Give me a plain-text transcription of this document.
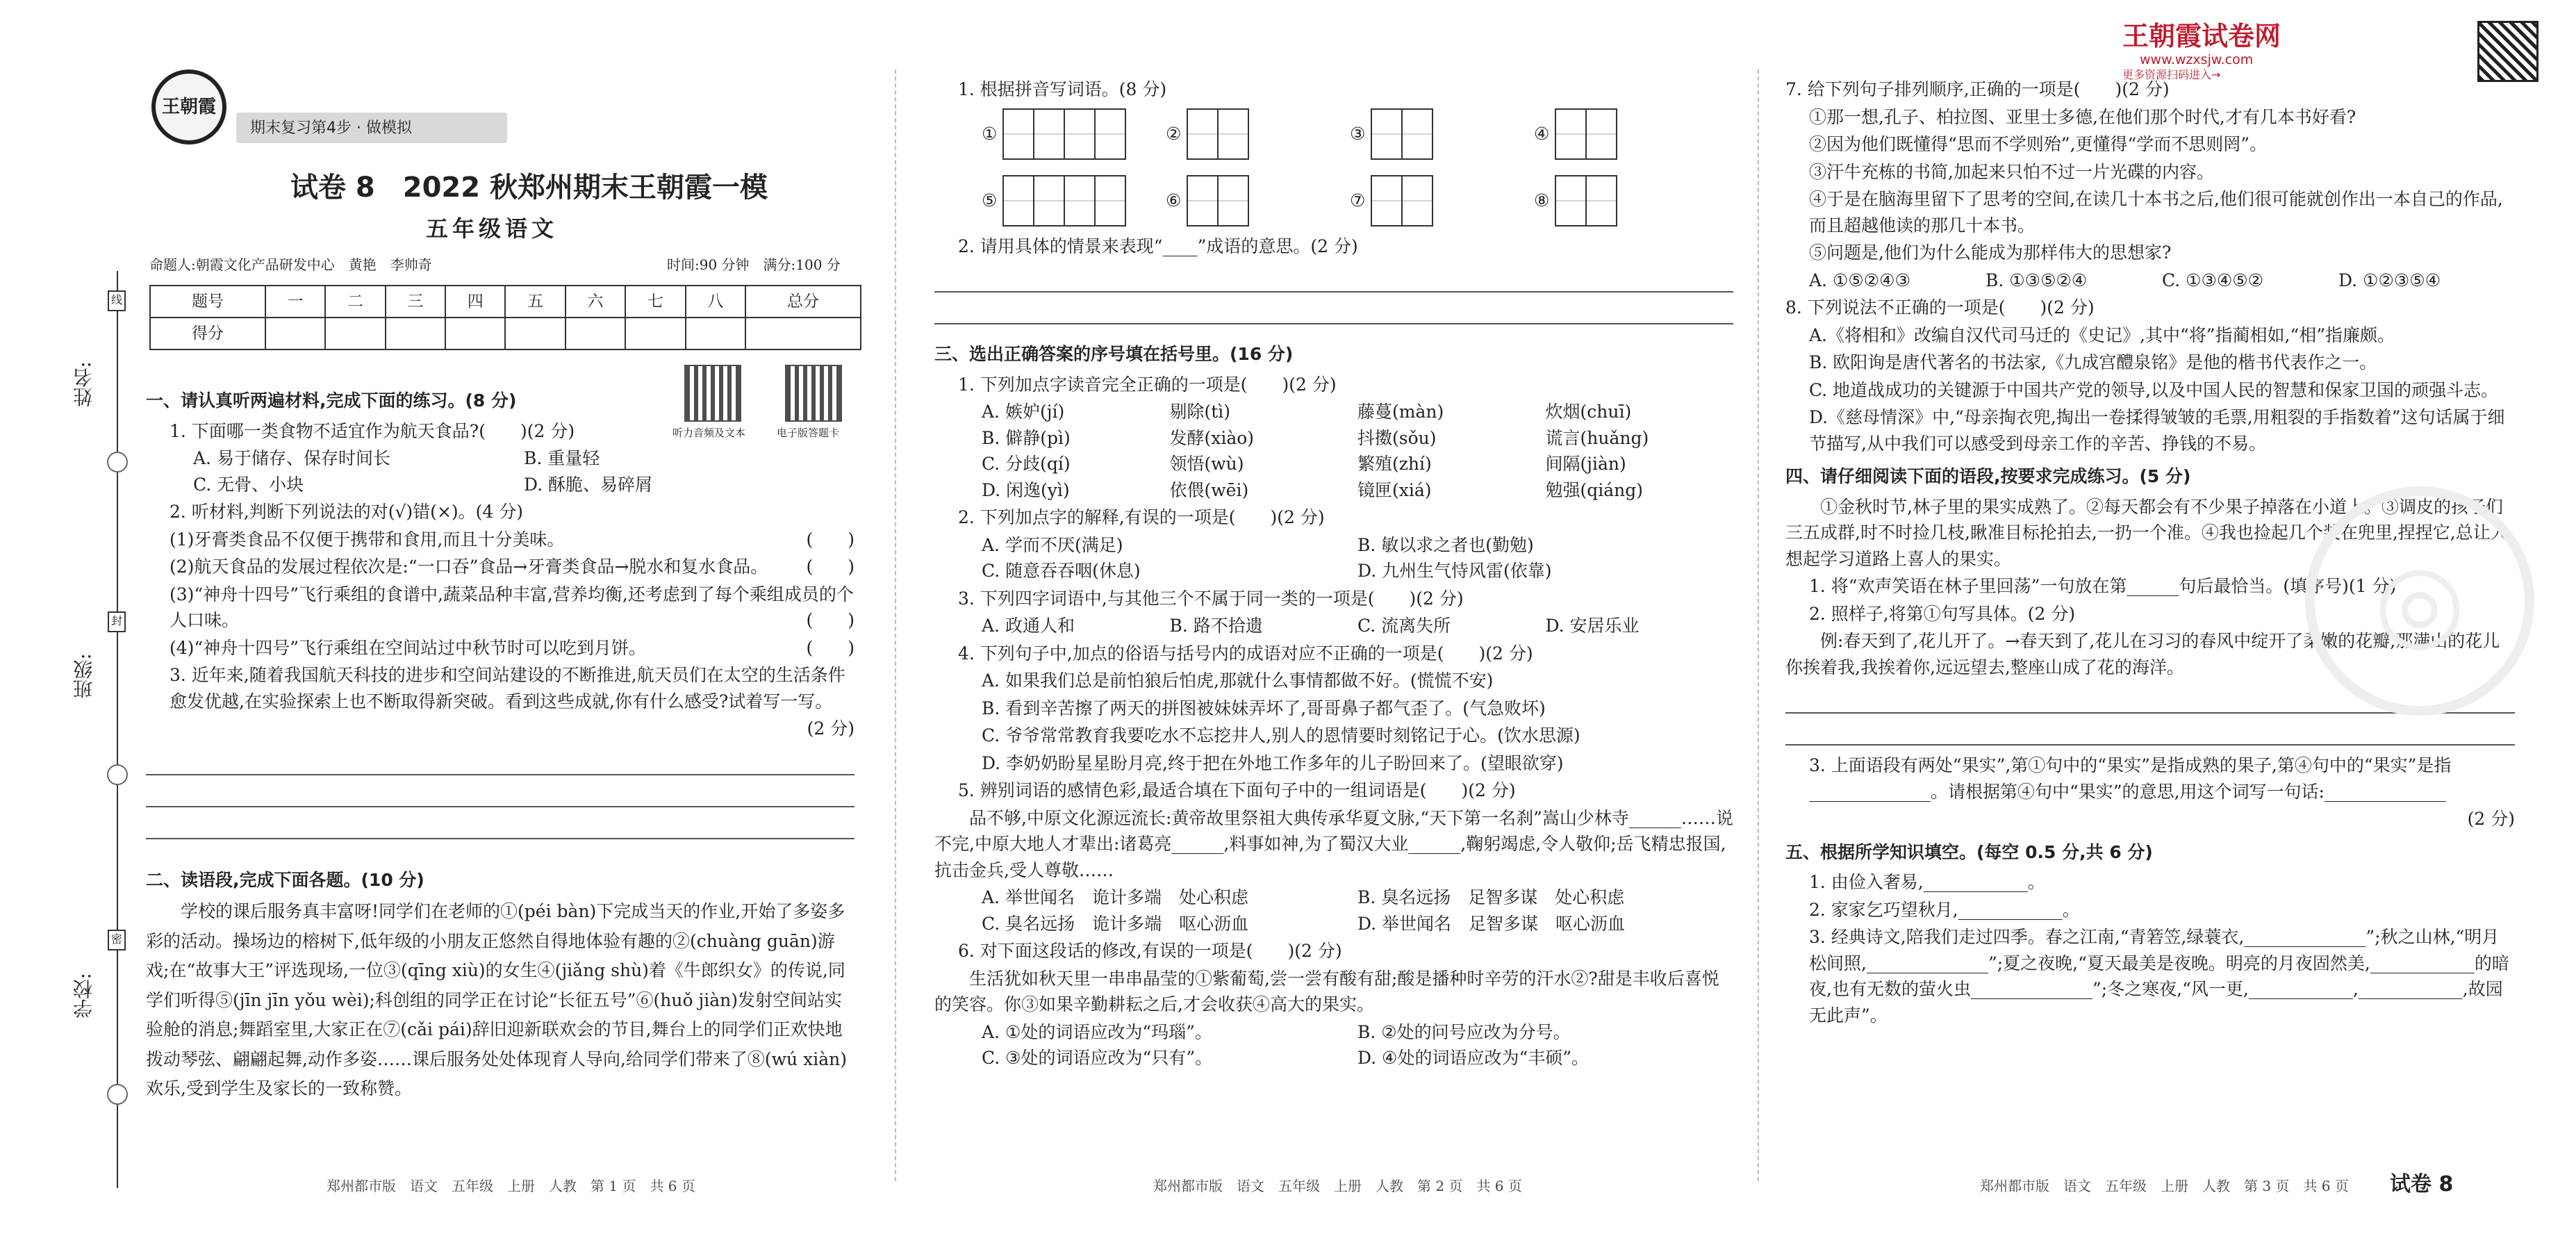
王朝霞试卷网
www.wzxsjw.com
更多资源扫码进入→
姓名:
班级:
学校:
线
封
密
王朝霞
期末复习第4步 · 做模拟
试卷 8　2022 秋郑州期末王朝霞一模
五年级语文
命题人:朝霞文化产品研发中心　黄艳　李帅奇	时间:90 分钟　满分:100 分
题号	一	二	三	四	五	六	七	八	总分
得分									
听力音频及文本	电子版答题卡
一、请认真听两遍材料,完成下面的练习。(8 分)

1. 下面哪一类食物不适宜作为航天食品?(　　)(2 分)

A. 易于储存、保存时间长	B. 重量轻
C. 无骨、小块	D. 酥脆、易碎屑

2. 听材料,判断下列说法的对(√)错(×)。(4 分)

(1)牙膏类食品不仅便于携带和食用,而且十分美味。	(　　)

(2)航天食品的发展过程依次是:“一口吞”食品→牙膏类食品→脱水和复水食品。 (　　)

(3)“神舟十四号”飞行乘组的食谱中,蔬菜品种丰富,营养均衡,还考虑到了每个乘组成员的个人口味。	(　　)

(4)“神舟十四号”飞行乘组在空间站过中秋节时可以吃到月饼。	(　　)

3. 近年来,随着我国航天科技的进步和空间站建设的不断推进,航天员们在太空的生活条件愈发优越,在实验探索上也不断取得新突破。看到这些成就,你有什么感受?试着写一写。

(2 分)

二、读语段,完成下面各题。(10 分)

学校的课后服务真丰富呀!同学们在老师的①(péi bàn)下完成当天的作业,开始了多姿多彩的活动。操场边的榕树下,低年级的小朋友正悠然自得地体验有趣的②(chuàng guān)游戏;在“故事大王”评选现场,一位③(qīng xiù)的女生④(jiǎng shù)着《牛郎织女》的传说,同学们听得⑤(jīn jīn yǒu wèi);科创组的同学正在讨论“长征五号”⑥(huǒ jiàn)发射空间站实验舱的消息;舞蹈室里,大家正在⑦(cǎi pái)辞旧迎新联欢会的节目,舞台上的同学们正欢快地拨动琴弦、翩翩起舞,动作多姿……课后服务处处体现育人导向,给同学们带来了⑧(wú xiàn)欢乐,受到学生及家长的一致称赞。

郑州都市版　语文　五年级　上册　人教　第 1 页　共 6 页

1. 根据拼音写词语。(8 分)

①	②	③	④
⑤	⑥	⑦	⑧

2. 请用具体的情景来表现“____”成语的意思。(2 分)

三、选出正确答案的序号填在括号里。(16 分)

1. 下列加点字读音完全正确的一项是(　　)(2 分)

A. 嫉妒(jí)	剔除(tì)	藤蔓(màn)	炊烟(chuī)
B. 僻静(pì)	发酵(xiào)	抖擞(sǒu)	谎言(huǎng)
C. 分歧(qí)	领悟(wù)	繁殖(zhí)	间隔(jiàn)
D. 闲逸(yì)	依偎(wēi)	镜匣(xiá)	勉强(qiáng)

2. 下列加点字的解释,有误的一项是(　　)(2 分)

A. 学而不厌(满足)	B. 敏以求之者也(勤勉)
C. 随意吞吞咽(休息)	D. 九州生气恃风雷(依靠)

3. 下列四字词语中,与其他三个不属于同一类的一项是(　　)(2 分)

A. 政通人和	B. 路不拾遗	C. 流离失所	D. 安居乐业

4. 下列句子中,加点的俗语与括号内的成语对应不正确的一项是(　　)(2 分)

A. 如果我们总是前怕狼后怕虎,那就什么事情都做不好。(慌慌不安)

B. 看到辛苦擦了两天的拼图被妹妹弄坏了,哥哥鼻子都气歪了。(气急败坏)

C. 爷爷常常教育我要吃水不忘挖井人,别人的恩情要时刻铭记于心。(饮水思源)

D. 李奶奶盼星星盼月亮,终于把在外地工作多年的儿子盼回来了。(望眼欲穿)

5. 辨别词语的感情色彩,最适合填在下面句子中的一组词语是(　　)(2 分)

品不够,中原文化源远流长:黄帝故里祭祖大典传承华夏文脉,“天下第一名刹”嵩山少林寺______……说不完,中原大地人才辈出:诸葛亮______,料事如神,为了蜀汉大业______,鞠躬竭虑,令人敬仰;岳飞精忠报国,抗击金兵,受人尊敬……

A. 举世闻名　诡计多端　处心积虑	B. 臭名远扬　足智多谋　处心积虑
C. 臭名远扬　诡计多端　呕心沥血	D. 举世闻名　足智多谋　呕心沥血

6. 对下面这段话的修改,有误的一项是(　　)(2 分)

生活犹如秋天里一串串晶莹的①紫葡萄,尝一尝有酸有甜;酸是播种时辛劳的汗水②?甜是丰收后喜悦的笑容。你③如果辛勤耕耘之后,才会收获④高大的果实。

A. ①处的词语应改为“玛瑙”。	B. ②处的问号应改为分号。
C. ③处的词语应改为“只有”。	D. ④处的词语应改为“丰硕”。
郑州都市版　语文　五年级　上册　人教　第 2 页　共 6 页

7. 给下列句子排列顺序,正确的一项是(　　)(2 分)

①那一想,孔子、柏拉图、亚里士多德,在他们那个时代,才有几本书好看?

②因为他们既懂得“思而不学则殆”,更懂得“学而不思则罔”。

③汗牛充栋的书简,加起来只怕不过一片光碟的内容。

④于是在脑海里留下了思考的空间,在读几十本书之后,他们很可能就创作出一本自己的作品,而且超越他读的那几十本书。

⑤问题是,他们为什么能成为那样伟大的思想家?

A. ①⑤②④③	B. ①③⑤②④	C. ①③④⑤②	D. ①②③⑤④

8. 下列说法不正确的一项是(　　)(2 分)

A.《将相和》改编自汉代司马迁的《史记》,其中“将”指蔺相如,“相”指廉颇。

B. 欧阳询是唐代著名的书法家,《九成宫醴泉铭》是他的楷书代表作之一。

C. 地道战成功的关键源于中国共产党的领导,以及中国人民的智慧和保家卫国的顽强斗志。

D.《慈母情深》中,“母亲掏衣兜,掏出一卷揉得皱皱的毛票,用粗裂的手指数着”这句话属于细节描写,从中我们可以感受到母亲工作的辛苦、挣钱的不易。

四、请仔细阅读下面的语段,按要求完成练习。(5 分)

①金秋时节,林子里的果实成熟了。②每天都会有不少果子掉落在小道上。③调皮的孩子们三五成群,时不时捡几枝,瞅准目标抡拍去,一扔一个准。④我也捡起几个装在兜里,捏捏它,总让人想起学习道路上喜人的果实。

1. 将“欢声笑语在林子里回荡”一句放在第______句后最恰当。(填序号)(1 分)

2. 照样子,将第①句写具体。(2 分)

例:春天到了,花儿开了。→春天到了,花儿在习习的春风中绽开了柔嫩的花瓣,那满山的花儿你挨着我,我挨着你,远远望去,整座山成了花的海洋。

3. 上面语段有两处“果实”,第①句中的“果实”是指成熟的果子,第④句中的“果实”是指______________。请根据第④句中“果实”的意思,用这个词写一句话:______________

(2 分)

五、根据所学知识填空。(每空 0.5 分,共 6 分)

1. 由俭入奢易,____________。

2. 家家乞巧望秋月,____________。

3. 经典诗文,陪我们走过四季。春之江南,“青箬笠,绿蓑衣,______________”;秋之山林,“明月松间照,______________”;夏之夜晚,“夏天最美是夜晚。明亮的月夜固然美,____________的暗夜,也有无数的萤火虫______________”;冬之寒夜,“风一更,____________,____________,故园无此声”。

郑州都市版　语文　五年级　上册　人教　第 3 页　共 6 页 试卷 8
◎
